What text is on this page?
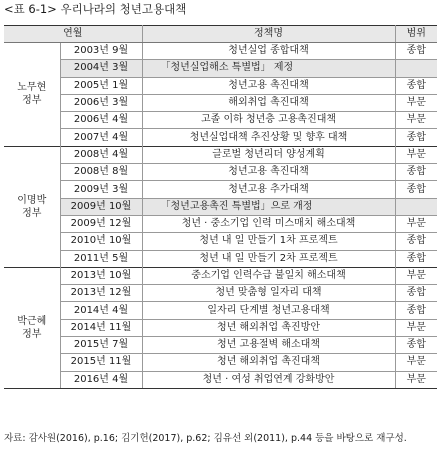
<표 6-1> 우리나라의 청년고용대책
연월		정책명	범위

노무현
정부	2003년 9월	청년실업 종합대책	종합
	2004년 3월	「청년실업해소 특별법」 제정	
	2005년 1월	청년고용 촉진대책	종합
	2006년 3월	해외취업 촉진대책	부문
	2006년 4월	고졸 이하 청년층 고용촉진대책	부문
	2007년 4월	청년실업대책 추진상황 및 향후 대책	종합

이명박
정부	2008년 4월	글로벌 청년리더 양성계획	부문
	2008년 8월	청년고용 촉진대책	종합
	2009년 3월	청년고용 추가대책	종합
	2009년 10월	「청년고용촉진 특별법」으로 개정	
	2009년 12월	청년 · 중소기업 인력 미스매치 해소대책	부문
	2010년 10월	청년 내 일 만들기 1차 프로젝트	종합
	2011년 5월	청년 내 일 만들기 2차 프로젝트	종합

박근혜
정부	2013년 10월	중소기업 인력수급 불일치 해소대책	부문
	2013년 12월	청년 맞춤형 일자리 대책	종합
	2014년 4월	일자리 단계별 청년고용대책	종합
	2014년 11월	청년 해외취업 촉진방안	부문
	2015년 7월	청년 고용절벽 해소대책	종합
	2015년 11월	청년 해외취업 촉진대책	부문
	2016년 4월	청년 · 여성 취업연계 강화방안	부문
자료: 감사원(2016), p.16; 김기헌(2017), p.62; 김유선 외(2011), p.44 등을 바탕으로 재구성.
